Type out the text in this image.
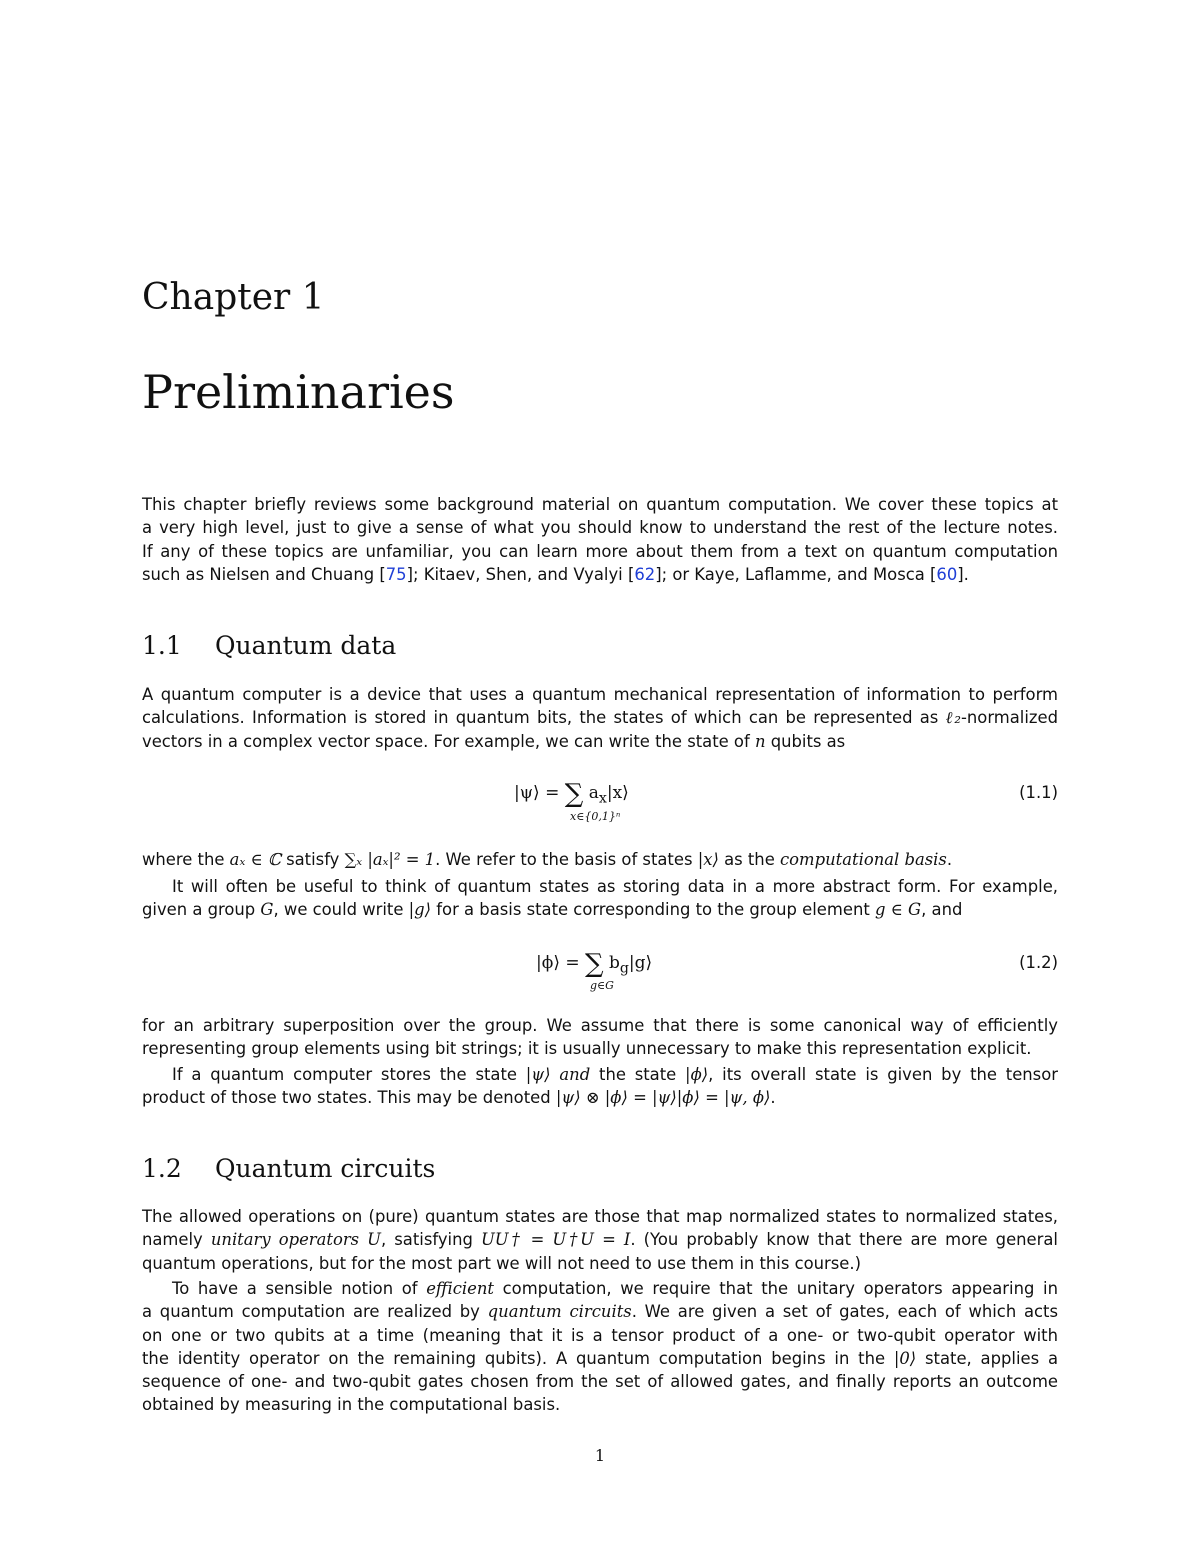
Chapter 1
Preliminaries

This chapter briefly reviews some background material on quantum computation. We cover these topics at
a very high level, just to give a sense of what you should know to understand the rest of the lecture notes.
If any of these topics are unfamiliar, you can learn more about them from a text on quantum computation
such as Nielsen and Chuang [75]; Kitaev, Shen, and Vyalyi [62]; or Kaye, Laflamme, and Mosca [60].

1.1 Quantum data

A quantum computer is a device that uses a quantum mechanical representation of information to perform
calculations. Information is stored in quantum bits, the states of which can be represented as ℓ₂-normalized
vectors in a complex vector space. For example, we can write the state of n qubits as

|ψ⟩ = ∑ $a_x|x⟩$
x∈{0,1}ⁿ
(1.1)

where the aₓ ∈ ℂ satisfy ∑ₓ |aₓ|² = 1. We refer to the basis of states |x⟩ as the computational basis.

It will often be useful to think of quantum states as storing data in a more abstract form. For example,
given a group G, we could write |g⟩ for a basis state corresponding to the group element g ∈ G, and

|ϕ⟩ = ∑ $b_g|g⟩$
g∈G
(1.2)

for an arbitrary superposition over the group. We assume that there is some canonical way of efficiently
representing group elements using bit strings; it is usually unnecessary to make this representation explicit.

If a quantum computer stores the state |ψ⟩ and the state |ϕ⟩, its overall state is given by the tensor
product of those two states. This may be denoted |ψ⟩ ⊗ |ϕ⟩ = |ψ⟩|ϕ⟩ = |ψ, ϕ⟩.

1.2 Quantum circuits

The allowed operations on (pure) quantum states are those that map normalized states to normalized states,
namely unitary operators U, satisfying UU† = U†U = I. (You probably know that there are more general
quantum operations, but for the most part we will not need to use them in this course.)

To have a sensible notion of efficient computation, we require that the unitary operators appearing in
a quantum computation are realized by quantum circuits. We are given a set of gates, each of which acts
on one or two qubits at a time (meaning that it is a tensor product of a one- or two-qubit operator with
the identity operator on the remaining qubits). A quantum computation begins in the |0⟩ state, applies a
sequence of one- and two-qubit gates chosen from the set of allowed gates, and finally reports an outcome
obtained by measuring in the computational basis.

1
